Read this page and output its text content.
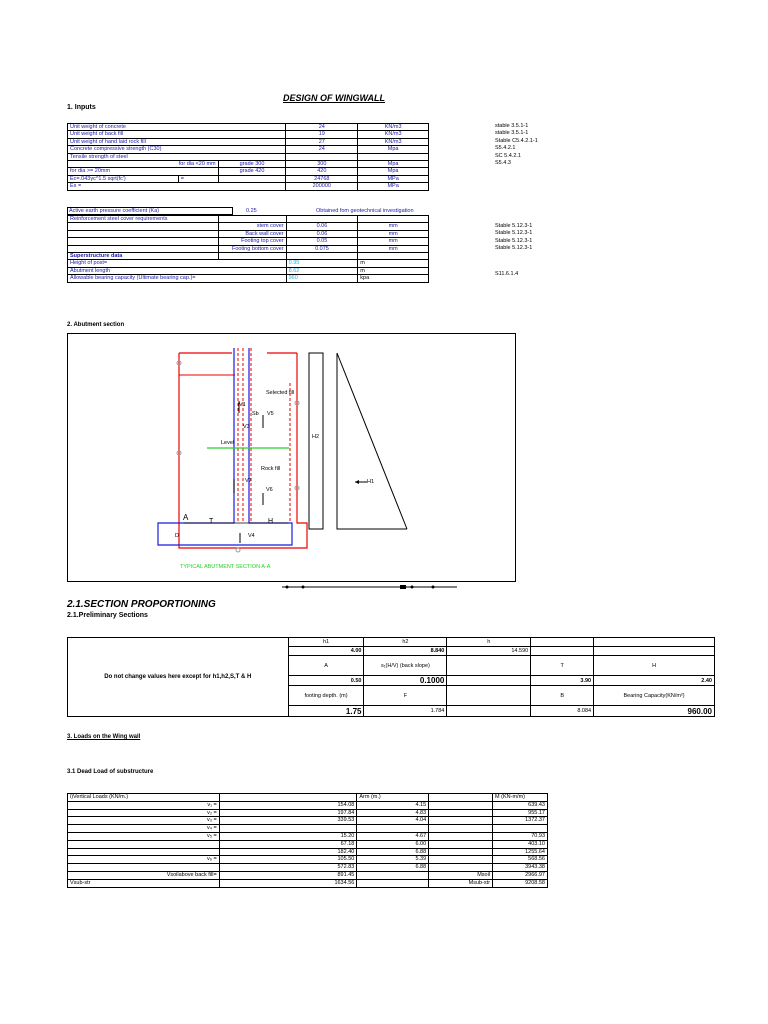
DESIGN OF WINGWALL
1. Inputs
Unit weight of concrete			24	KN/m3
Unit weight of back fill			19	KN/m3
Unit weight of hand laid rock fill			27	KN/m3
Concrete compressive strength (C30)			24	Mpa
Tensile strength of steel				
for dia <20 mm		grade 300	300	Mpa
for dia >= 20mm		grade 420	420	Mpa
Ec=.043γc^1.5 sqrt(fc')	=		24768	MPa
Es =			200000	MPa
stable 3.5.1-1
stable 3.5.1-1
Stable C5.4.2.1-1
S5.4.2.1
SC 5.4.2.1
S5.4.3
Active earth pressure coefficient (Ka)	0.25	Obtained fom geotechnical investigation
Reinforcement steel cover requirements			
	stem cover	0.06	mm
	Back wall cover	0.06	mm
	Footing top cover	0.05	mm
	Footing bottom cover	0.075	mm
Superstructure data			
Height of post=		0.95	m
Abutment length		8.62	m
Allowable bearing capacity (Ultimate bearing cap.)=		960	kpa
Stable 5.12.3-1
Stable 5.12.3-1
Stable 5.12.3-1
Stable 5.12.3-1
S11.6.1.4
2. Abutment section
Selected fill
Rock fill
Level
H2
H1
A	T	H
D	V4
V5
V6
V3
V7
V1
Sb
TYPICAL ABUTMENT SECTION A-A
2.1.SECTION PROPORTIONING
2.1.Preliminary Sections
Do not change values here except for h1,h2,S,T & H	h1	h2	h		
	4.00	8.840	14.590		
	A	s₁(H/V) (back slope)		T	H
	0.50	0.1000		3.90	2.40
	footing depth. (m)	F		B	Bearing Capacity(KN/m²)
	1.75	1.784		8.084	960.00
3. Loads on the Wing wall
3.1 Dead Load of substructure
i)Vertical Loads (KN/m.)		Arm (m.)		M (KN-m/m)
v₁ =	154.08	4.15		639.43
v₂ =	197.84	4.83		955.17
v₃ =	339.53	4.04		1372.37
v₄ =				
v₅ =	15.20	4.67		70.93
	67.18	6.00		403.10
	182.40	6.88		1255.64
v₆ =	105.50	5.39		568.56
	572.83	6.88		3943.38
Vsoilabove back fill=	891.45		Msoil	2966.97
Vsub-str	1634.56		Msub-str	9208.58
